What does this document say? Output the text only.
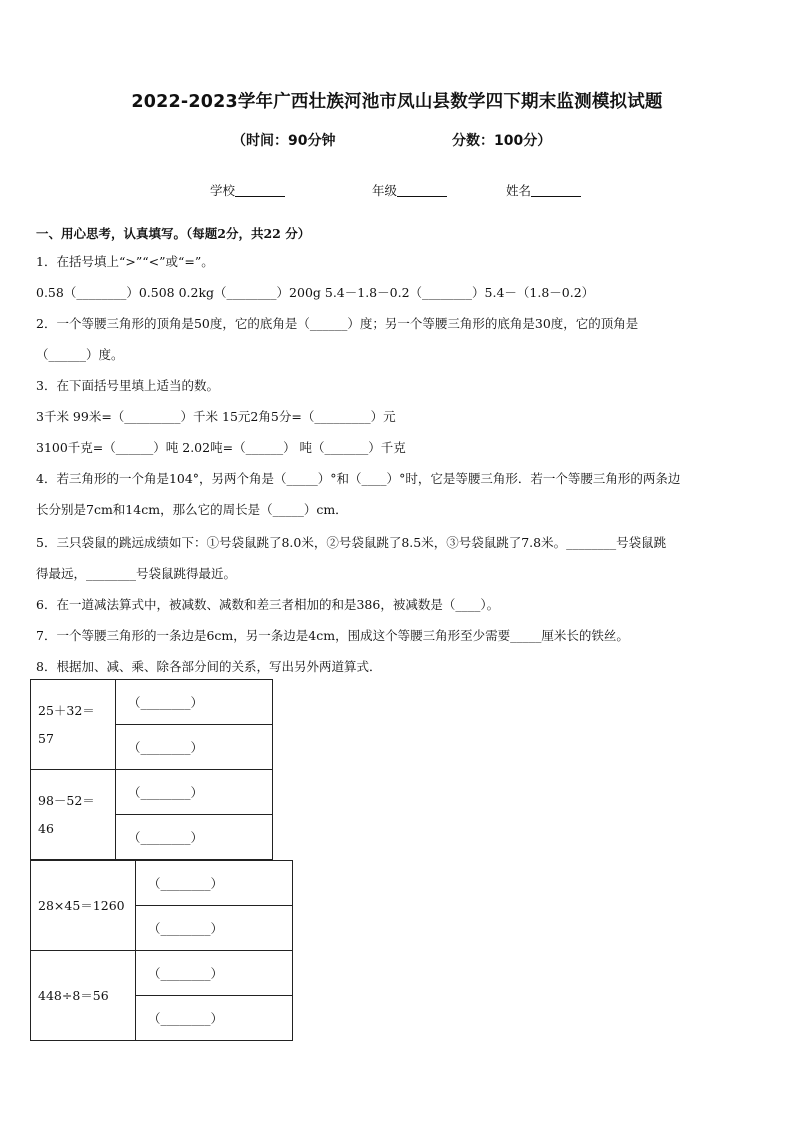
2022-2023学年广西壮族河池市凤山县数学四下期末监测模拟试题
（时间：90分钟	分数：100分）
学校	年级	姓名
一、用心思考，认真填写。（每题2分，共22 分）
1．在括号填上“>”“<”或“=”。
0.58（________）0.508 0.2kg（________）200g 5.4－1.8－0.2（________）5.4－（1.8－0.2）
2．一个等腰三角形的顶角是50度，它的底角是（______）度；另一个等腰三角形的底角是30度，它的顶角是
（______）度。
3．在下面括号里填上适当的数。
3千米 99米=（_________）千米 15元2角5分=（_________）元
3100千克=（______）吨 2.02吨=（______） 吨（_______）千克
4．若三角形的一个角是104°，另两个角是（_____）°和（____）°时，它是等腰三角形．若一个等腰三角形的两条边
长分别是7cm和14cm，那么它的周长是（_____）cm．
5．三只袋鼠的跳远成绩如下：①号袋鼠跳了8.0米，②号袋鼠跳了8.5米，③号袋鼠跳了7.8米。________号袋鼠跳
得最远，________号袋鼠跳得最近。
6．在一道减法算式中，被减数、减数和差三者相加的和是386，被减数是（____）。
7．一个等腰三角形的一条边是6cm，另一条边是4cm，围成这个等腰三角形至少需要_____厘米长的铁丝。
8．根据加、减、乘、除各部分间的关系，写出另外两道算式．
25＋32＝
57	（________）
	（________）

98－52＝
46	（________）
	（________）
28×45＝1260	（________）
	（________）
448÷8＝56	（________）
	（________）
